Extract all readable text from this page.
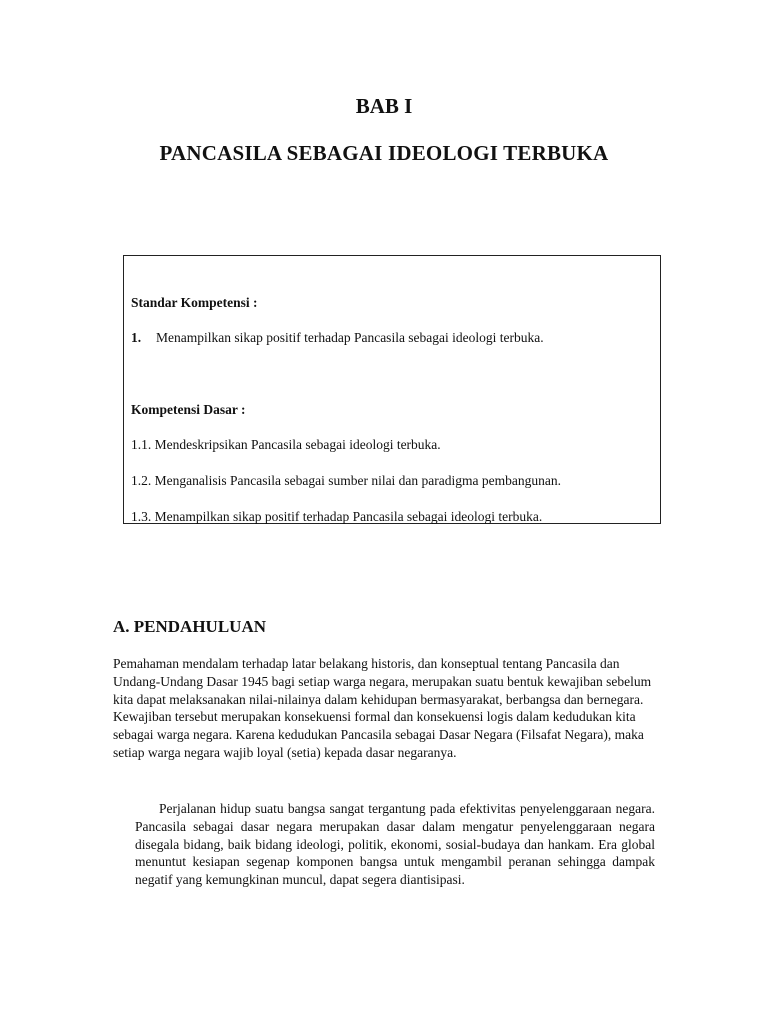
BAB I
PANCASILA SEBAGAI IDEOLOGI TERBUKA

Standar Kompetensi :

1. Menampilkan sikap positif terhadap Pancasila sebagai ideologi terbuka.

Kompetensi Dasar :

1.1. Mendeskripsikan Pancasila sebagai ideologi terbuka.

1.2. Menganalisis Pancasila sebagai sumber nilai dan paradigma pembangunan.

1.3. Menampilkan sikap positif terhadap Pancasila sebagai ideologi terbuka.

A. PENDAHULUAN

Pemahaman mendalam terhadap latar belakang historis, dan konseptual tentang Pancasila dan Undang-Undang Dasar 1945 bagi setiap warga negara, merupakan suatu bentuk kewajiban sebelum kita dapat melaksanakan nilai-nilainya dalam kehidupan bermasyarakat, berbangsa dan bernegara. Kewajiban tersebut merupakan konsekuensi formal dan konsekuensi logis dalam kedudukan kita sebagai warga negara. Karena kedudukan Pancasila sebagai Dasar Negara (Filsafat Negara), maka setiap warga negara wajib loyal (setia) kepada dasar negaranya.

Perjalanan hidup suatu bangsa sangat tergantung pada efektivitas penyelenggaraan negara. Pancasila sebagai dasar negara merupakan dasar dalam mengatur penyelenggaraan negara disegala bidang, baik bidang ideologi, politik, ekonomi, sosial-budaya dan hankam. Era global menuntut kesiapan segenap komponen bangsa untuk mengambil peranan sehingga dampak negatif yang kemungkinan muncul, dapat segera diantisipasi.
